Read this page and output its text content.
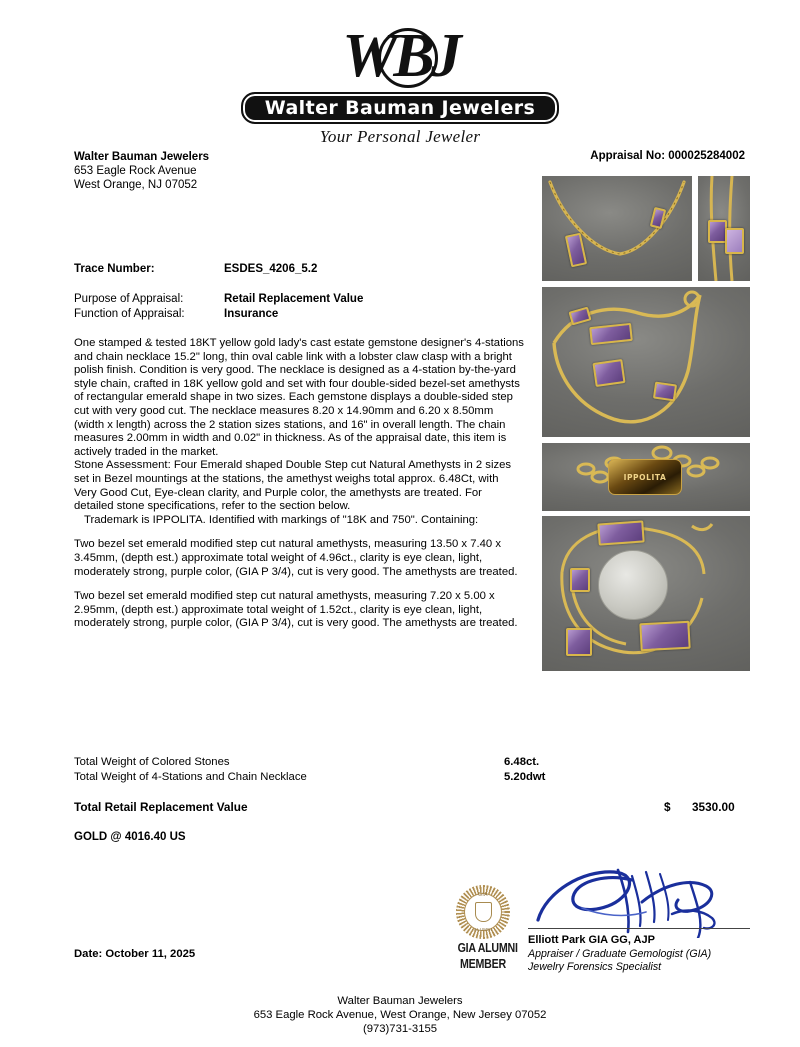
WBJ
Walter Bauman Jewelers
Your Personal Jeweler
Appraisal No: 000025284002
Walter Bauman Jewelers
653 Eagle Rock Avenue
West Orange, NJ 07052
Trace Number:	ESDES_4206_5.2
Purpose of Appraisal:	Retail Replacement Value
Function of Appraisal:	Insurance

One stamped & tested 18KT yellow gold lady's cast estate gemstone designer's 4-stations and chain necklace 15.2" long, thin oval cable link with a lobster claw clasp with a bright polish finish. Condition is very good. The necklace is designed as a 4-station by-the-yard style chain, crafted in 18K yellow gold and set with four double-sided bezel-set amethysts of rectangular emerald shape in two sizes. Each gemstone displays a double-sided step cut with very good cut. The necklace measures 8.20 x 14.90mm and 6.20 x 8.50mm (width x length) across the 2 station sizes stations, and 16" in overall length. The chain measures 2.00mm in width and 0.02" in thickness. As of the appraisal date, this item is actively traded in the market.

Stone Assessment: Four Emerald shaped Double Step cut Natural Amethysts in 2 sizes set in Bezel mountings at the stations, the amethyst weighs total approx. 6.48Ct, with Very Good Cut, Eye-clean clarity, and Purple color, the amethysts are treated. For detailed stone specifications, refer to the section below.

Trademark is IPPOLITA. Identified with markings of "18K and 750". Containing:

Two bezel set emerald modified step cut natural amethysts, measuring 13.50 x 7.40 x 3.45mm, (depth est.) approximate total weight of 4.96ct., clarity is eye clean, light, moderately strong, purple color, (GIA P 3/4), cut is very good. The amethysts are treated.

Two bezel set emerald modified step cut natural amethysts, measuring 7.20 x 5.00 x 2.95mm, (depth est.) approximate total weight of 1.52ct., clarity is eye clean, light, moderately strong, purple color, (GIA P 3/4), cut is very good. The amethysts are treated.

Total Weight of Colored Stones	6.48ct.
Total Weight of 4-Stations and Chain Necklace	5.20dwt
Total Retail Replacement Value	$	3530.00
GOLD @ 4016.40 US
IPPOLITA
Date: October 11, 2025
GIA
ALUMNI
GIA ALUMNI
MEMBER
Elliott Park GIA GG, AJP
Appraiser / Graduate Gemologist (GIA)
Jewelry Forensics Specialist
Walter Bauman Jewelers
653 Eagle Rock Avenue, West Orange, New Jersey 07052
(973)731-3155
